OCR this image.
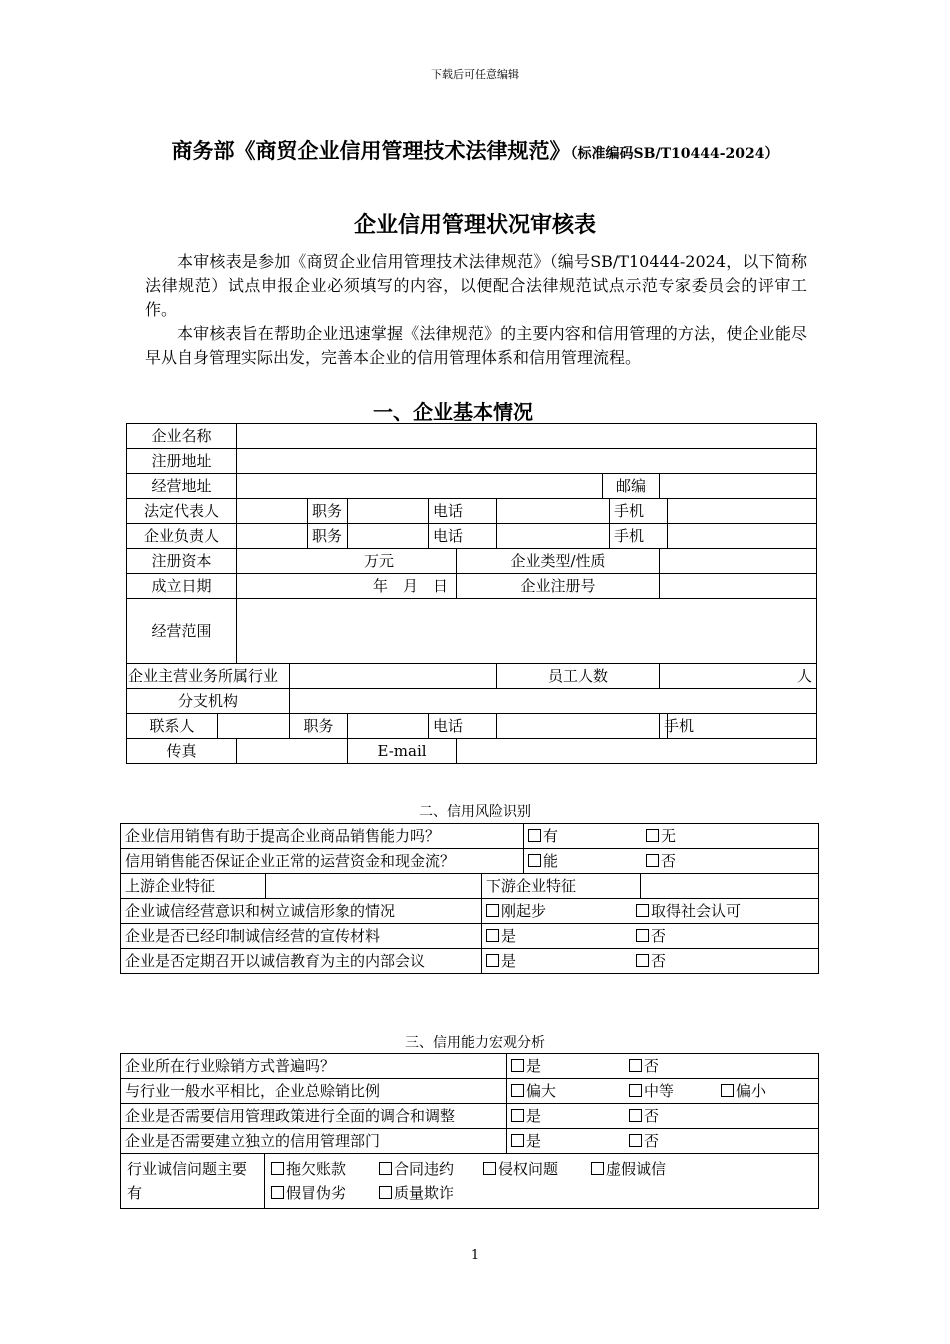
下载后可任意编辑
商务部《商贸企业信用管理技术法律规范》（标准编码SB/T10444-2024）
企业信用管理状况审核表

本审核表是参加《商贸企业信用管理技术法律规范》（编号SB/T10444-2024，以下简称法律规范）试点申报企业必须填写的内容，以便配合法律规范试点示范专家委员会的评审工作。

本审核表旨在帮助企业迅速掌握《法律规范》的主要内容和信用管理的方法，使企业能尽早从自身管理实际出发，完善本企业的信用管理体系和信用管理流程。

一、企业基本情况
企业名称												
注册地址												
经营地址									邮编			
法定代表人				职务		电话				手机		
企业负责人				职务		电话				手机		
注册资本		万元					企业类型/性质					
成立日期		年　月　日					企业注册号					
经营范围												
企业主营业务所属行业								员工人数			人	
分支机构												
联系人			职务			电话					手机	
传真					E-mail							
二、信用风险识别
企业信用销售有助于提高企业商品销售能力吗？			有 无	
信用销售能否保证企业正常的运营资金和现金流？			能 否	
上游企业特征		下游企业特征		
企业诚信经营意识和树立诚信形象的情况		刚起步 取得社会认可		
企业是否已经印制诚信经营的宣传材料		是 否		
企业是否定期召开以诚信教育为主的内部会议		是 否		
三、信用能力宏观分析
企业所在行业赊销方式普遍吗？		是 否
与行业一般水平相比，企业总赊销比例		偏大 中等 偏小
企业是否需要信用管理政策进行全面的调合和调整		是 否
企业是否需要建立独立的信用管理部门		是 否
行业诚信问题主要有	拖欠账款 合同违约 侵权问题 虚假诚信
假冒伪劣 质量欺诈	
1
